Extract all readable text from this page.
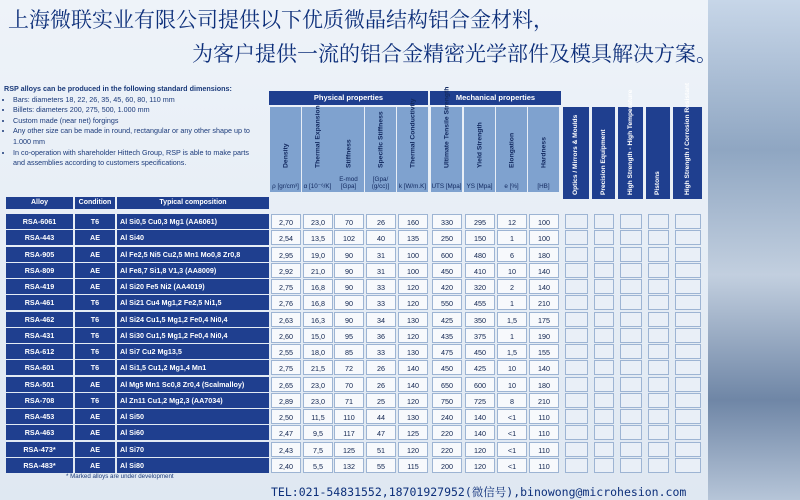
上海微联实业有限公司提供以下优质微晶结构铝合金材料，
为客户提供一流的铝合金精密光学部件及模具解决方案。
RSP alloys can be produced in the following standard dimensions:
• Bars: diameters 18, 22, 26, 35, 45, 60, 80, 110 mm
• Billets: diameters 200, 275, 500, 1.000 mm
• Custom made (near net) forgings
• Any other size can be made in round, rectangular or any other shape up to 1.000 mm
• In co-operation with shareholder Hittech Group, RSP is able to make parts and assemblies according to customers specifications.
Physical properties	Mechanical properties
Density
ρ [gr/cm³]
Thermal Expansion
α [10⁻⁶/K]
Stiffness
E-mod [Gpa]
Specific Stiffness
[Gpa/ (g/cc)]
Thermal Conductivity
k [W/m.K]
Ultimate Tensile Strength
UTS [Mpa]
Yield Strength
YS [Mpa]
Elongation
e [%]
Hardness
[HB]	Optics / Mirrors & Moulds	Precision Equipment	High Strength - High Temperature	Pistons	High Strength / Corrosion Resistant
Alloy	Condition	Typical composition
RSA-6061	T6	Al Si0,5 Cu0,3 Mg1 (AA6061)	2,70	23,0	70	26	160	330	295	12	100
RSA-443	AE	Al Si40	2,54	13,5	102	40	135	250	150	1	100
RSA-905	AE	Al Fe2,5 Ni5 Cu2,5 Mn1 Mo0,8 Zr0,8	2,95	19,0	90	31	100	600	480	6	180
RSA-809	AE	Al Fe8,7 Si1,8 V1,3 (AA8009)	2,92	21,0	90	31	100	450	410	10	140
RSA-419	AE	Al Si20 Fe5 Ni2 (AA4019)	2,75	16,8	90	33	120	420	320	2	140
RSA-461	T6	Al Si21 Cu4 Mg1,2 Fe2,5 Ni1,5	2,76	16,8	90	33	120	550	455	1	210
RSA-462	T6	Al Si24 Cu1,5 Mg1,2 Fe0,4 Ni0,4	2,63	16,3	90	34	130	425	350	1,5	175
RSA-431	T6	Al Si30 Cu1,5 Mg1,2 Fe0,4 Ni0,4	2,60	15,0	95	36	120	435	375	1	190
RSA-612	T6	Al Si7 Cu2 Mg13,5	2,55	18,0	85	33	130	475	450	1,5	155
RSA-601	T6	Al Si1,5 Cu1,2 Mg1,4 Mn1	2,75	21,5	72	26	140	450	425	10	140
RSA-501	AE	Al Mg5 Mn1 Sc0,8 Zr0,4 (Scalmalloy)	2,65	23,0	70	26	140	650	600	10	180
RSA-708	T6	Al Zn11 Cu1,2 Mg2,3 (AA7034)	2,89	23,0	71	25	120	750	725	8	210
RSA-453	AE	Al Si50	2,50	11,5	110	44	130	240	140	<1	110
RSA-463	AE	Al Si60	2,47	9,5	117	47	125	220	140	<1	110
RSA-473*	AE	Al Si70	2,43	7,5	125	51	120	220	120	<1	110
RSA-483*	AE	Al Si80	2,40	5,5	132	55	115	200	120	<1	110
* Marked alloys are under development
TEL:021-54831552,18701927952(微信号),binowong@microhesion.com
